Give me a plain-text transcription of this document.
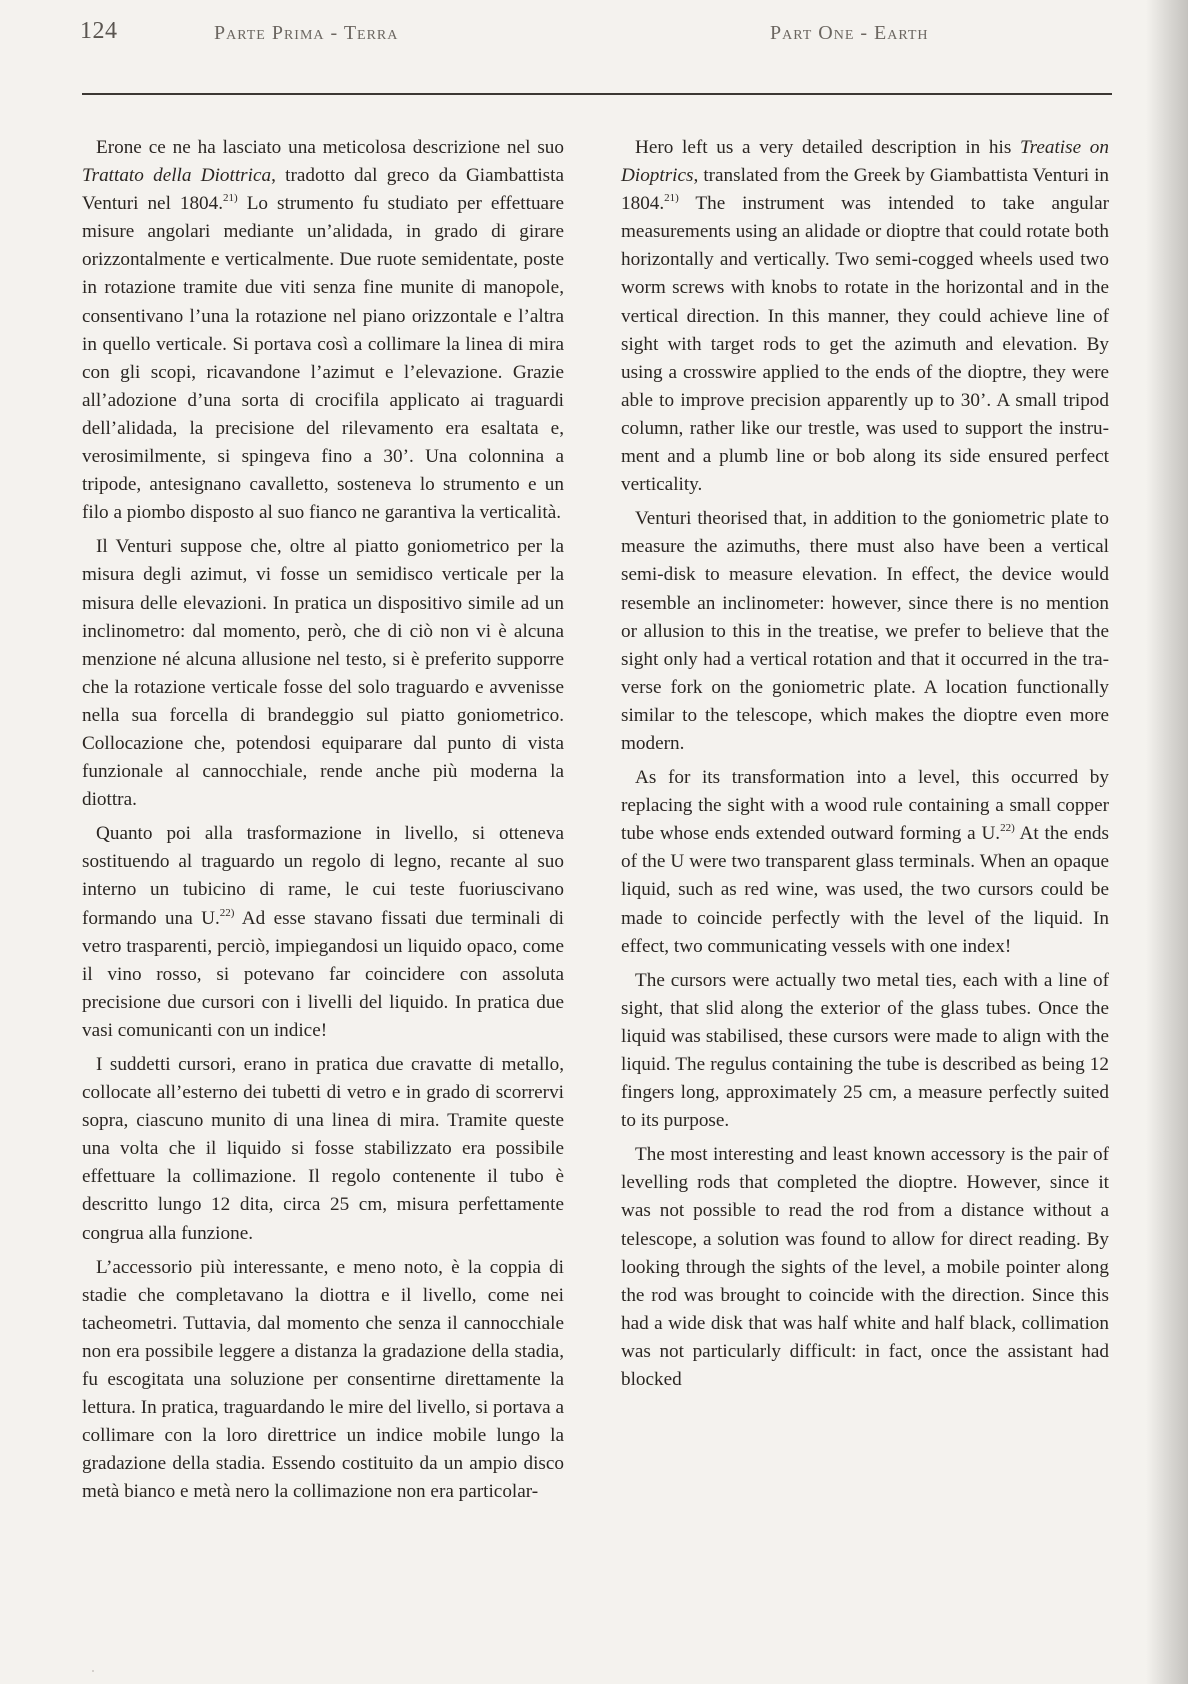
124	Parte Prima - Terra	Part One - Earth

Erone ce ne ha lasciato una meticolosa descrizione nel suo Trattato della Diottrica, tradotto dal greco da Giambattista Venturi nel 1804.$^{21)}$ Lo strumento fu studiato per effettuare misure angolari mediante un’alidada, in grado di girare orizzontalmente e verticalmente. Due ruote semidentate, poste in rotazione tramite due viti senza fine munite di manopole, consentivano l’una la rotazione nel piano orizzontale e l’altra in quello verticale. Si portava così a collimare la linea di mira con gli scopi, ricavandone l’azimut e l’elevazione. Grazie all’adozione d’una sorta di crocifila applicato ai traguardi dell’alidada, la precisione del rilevamento era esaltata e, verosimilmente, si spingeva fino a 30’. Una colonnina a tripode, antesignano cavalletto, sosteneva lo strumento e un filo a piombo disposto al suo fianco ne garantiva la verticalità.

Il Venturi suppose che, oltre al piatto goniometrico per la misura degli azimut, vi fosse un semidisco verticale per la misura delle elevazioni. In pratica un dispositivo simile ad un inclinometro: dal momento, però, che di ciò non vi è alcuna menzione né alcuna allusione nel testo, si è preferito supporre che la rotazione verticale fosse del solo traguardo e avvenisse nella sua forcella di brandeggio sul piatto goniometrico. Collocazione che, potendosi equiparare dal punto di vista funzionale al cannocchiale, rende anche più moderna la diottra.

Quanto poi alla trasformazione in livello, si otteneva sostituendo al traguardo un regolo di legno, recante al suo interno un tubicino di rame, le cui teste fuoriuscivano formando una U.$^{22)}$ Ad esse stavano fissati due terminali di vetro trasparenti, perciò, impiegandosi un liquido opaco, come il vino rosso, si potevano far coincidere con assoluta precisione due cursori con i livelli del liquido. In pratica due vasi comunicanti con un indice!

I suddetti cursori, erano in pratica due cravatte di metallo, collocate all’esterno dei tubetti di vetro e in grado di scorrervi sopra, ciascuno munito di una linea di mira. Tramite queste una volta che il liquido si fosse stabilizzato era possibile effettuare la collimazione. Il regolo contenente il tubo è descritto lungo 12 dita, circa 25 cm, misura perfettamente congrua alla funzione.

L’accessorio più interessante, e meno noto, è la coppia di stadie che completavano la diottra e il livello, come nei tacheometri. Tuttavia, dal momento che senza il cannocchiale non era possibile leggere a distanza la gradazione della stadia, fu escogitata una soluzione per consentirne direttamente la lettura. In pratica, traguardando le mire del livello, si portava a collimare con la loro direttrice un indice mobile lungo la gradazione della stadia. Essendo costituito da un ampio disco metà bianco e metà nero la collimazione non era particolar-

Hero left us a very detailed description in his Treatise on Dioptrics, translated from the Greek by Giambattista Venturi in 1804.$^{21)}$ The instrument was intended to take angular measurements using an alidade or dioptre that could rotate both horizontally and vertically. Two semi-cogged wheels used two worm screws with knobs to rotate in the horizontal and in the vertical direction. In this manner, they could achieve line of sight with target rods to get the azimuth and elevation. By using a crosswire applied to the ends of the dioptre, they were able to improve precision apparently up to 30’. A small tripod column, rather like our trestle, was used to support the instrument and a plumb line or bob along its side ensured perfect verticality.

Venturi theorised that, in addition to the goniometric plate to measure the azimuths, there must also have been a vertical semi-disk to measure elevation. In effect, the device would resemble an inclinometer: however, since there is no mention or allusion to this in the treatise, we prefer to believe that the sight only had a vertical rotation and that it occurred in the traverse fork on the goniometric plate. A location functionally similar to the telescope, which makes the dioptre even more modern.

As for its transformation into a level, this occurred by replacing the sight with a wood rule containing a small copper tube whose ends extended outward forming a U.$^{22)}$ At the ends of the U were two transparent glass terminals. When an opaque liquid, such as red wine, was used, the two cursors could be made to coincide perfectly with the level of the liquid. In effect, two communicating vessels with one index!

The cursors were actually two metal ties, each with a line of sight, that slid along the exterior of the glass tubes. Once the liquid was stabilised, these cursors were made to align with the liquid. The regulus containing the tube is described as being 12 fingers long, approximately 25 cm, a measure perfectly suited to its purpose.

The most interesting and least known accessory is the pair of levelling rods that completed the dioptre. However, since it was not possible to read the rod from a distance without a telescope, a solution was found to allow for direct reading. By looking through the sights of the level, a mobile pointer along the rod was brought to coincide with the direction. Since this had a wide disk that was half white and half black, collimation was not particularly difficult: in fact, once the assistant had blocked
